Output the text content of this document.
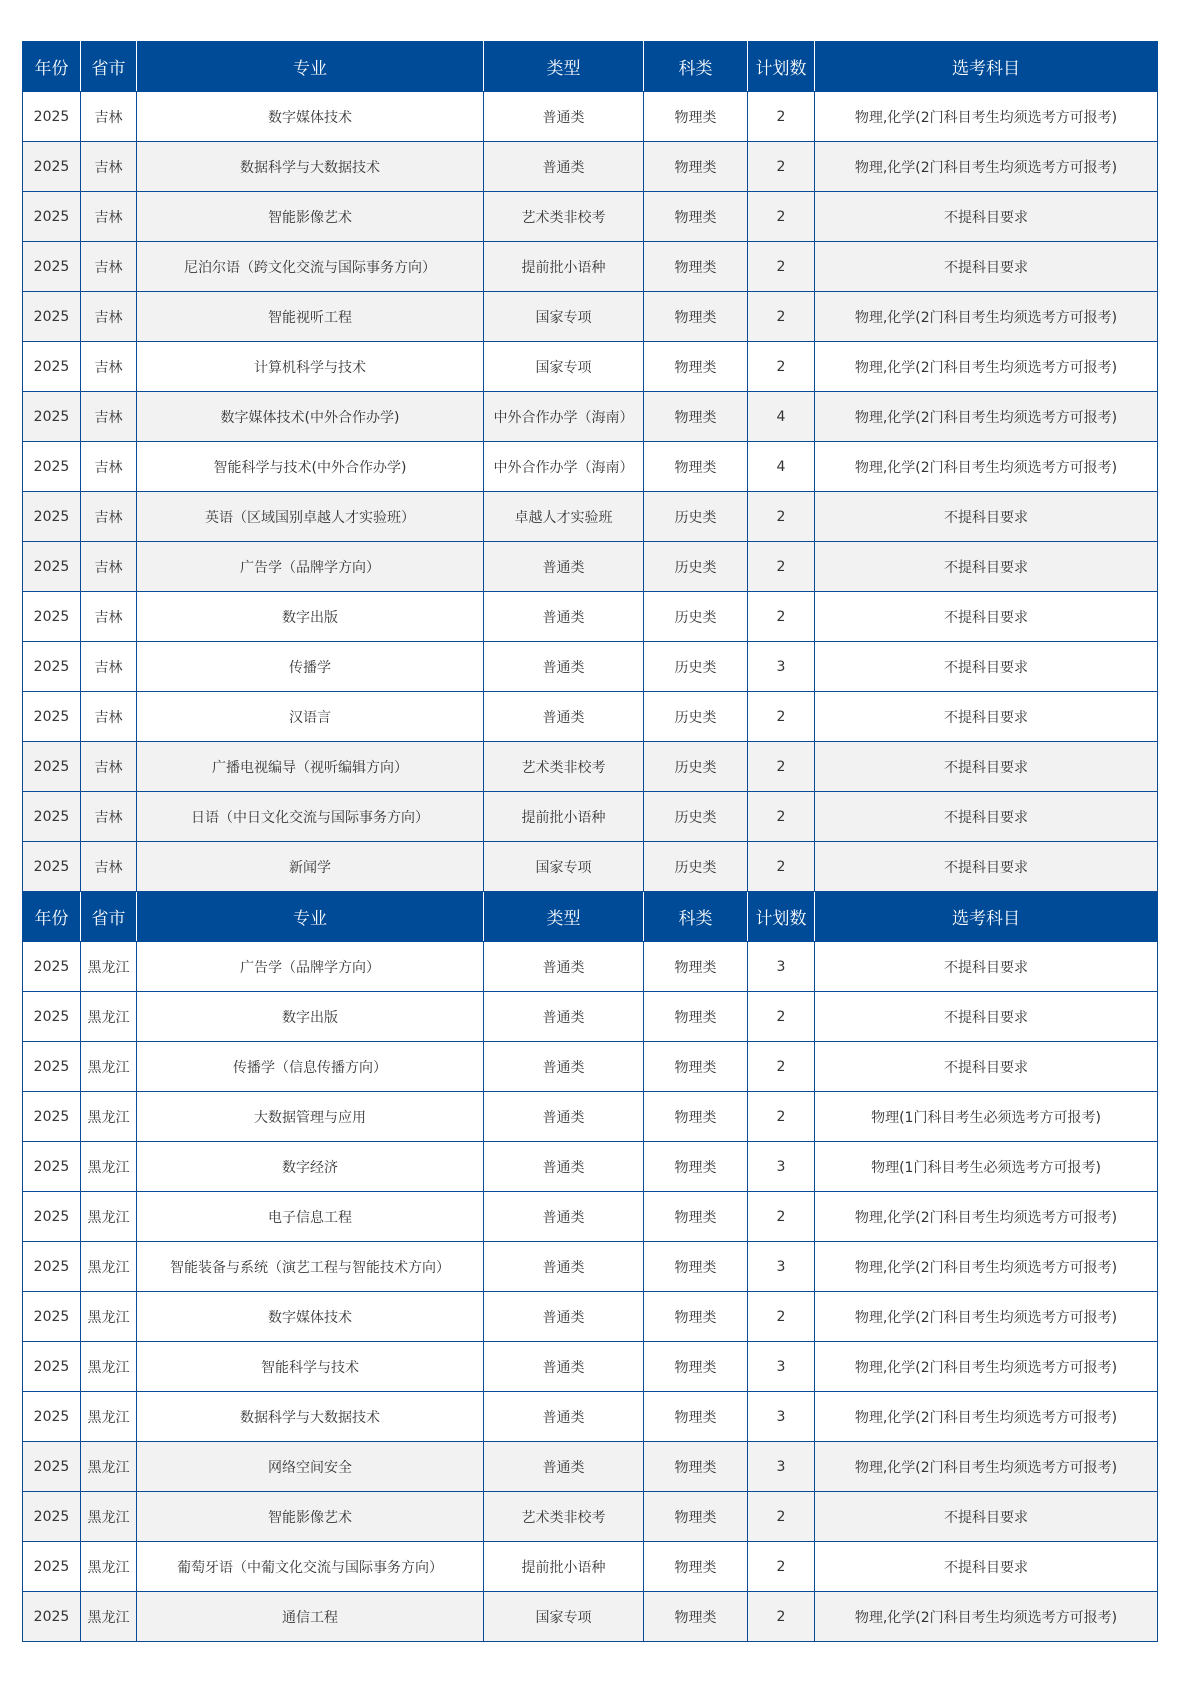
年份	省市	专业	类型	科类	计划数	选考科目
2025	吉林	数字媒体技术	普通类	物理类	2	物理,化学(2门科目考生均须选考方可报考)
2025	吉林	数据科学与大数据技术	普通类	物理类	2	物理,化学(2门科目考生均须选考方可报考)
2025	吉林	智能影像艺术	艺术类非校考	物理类	2	不提科目要求
2025	吉林	尼泊尔语（跨文化交流与国际事务方向）	提前批小语种	物理类	2	不提科目要求
2025	吉林	智能视听工程	国家专项	物理类	2	物理,化学(2门科目考生均须选考方可报考)
2025	吉林	计算机科学与技术	国家专项	物理类	2	物理,化学(2门科目考生均须选考方可报考)
2025	吉林	数字媒体技术(中外合作办学)	中外合作办学（海南）	物理类	4	物理,化学(2门科目考生均须选考方可报考)
2025	吉林	智能科学与技术(中外合作办学)	中外合作办学（海南）	物理类	4	物理,化学(2门科目考生均须选考方可报考)
2025	吉林	英语（区域国别卓越人才实验班）	卓越人才实验班	历史类	2	不提科目要求
2025	吉林	广告学（品牌学方向）	普通类	历史类	2	不提科目要求
2025	吉林	数字出版	普通类	历史类	2	不提科目要求
2025	吉林	传播学	普通类	历史类	3	不提科目要求
2025	吉林	汉语言	普通类	历史类	2	不提科目要求
2025	吉林	广播电视编导（视听编辑方向）	艺术类非校考	历史类	2	不提科目要求
2025	吉林	日语（中日文化交流与国际事务方向）	提前批小语种	历史类	2	不提科目要求
2025	吉林	新闻学	国家专项	历史类	2	不提科目要求
年份	省市	专业	类型	科类	计划数	选考科目
2025	黑龙江	广告学（品牌学方向）	普通类	物理类	3	不提科目要求
2025	黑龙江	数字出版	普通类	物理类	2	不提科目要求
2025	黑龙江	传播学（信息传播方向）	普通类	物理类	2	不提科目要求
2025	黑龙江	大数据管理与应用	普通类	物理类	2	物理(1门科目考生必须选考方可报考)
2025	黑龙江	数字经济	普通类	物理类	3	物理(1门科目考生必须选考方可报考)
2025	黑龙江	电子信息工程	普通类	物理类	2	物理,化学(2门科目考生均须选考方可报考)
2025	黑龙江	智能装备与系统（演艺工程与智能技术方向）	普通类	物理类	3	物理,化学(2门科目考生均须选考方可报考)
2025	黑龙江	数字媒体技术	普通类	物理类	2	物理,化学(2门科目考生均须选考方可报考)
2025	黑龙江	智能科学与技术	普通类	物理类	3	物理,化学(2门科目考生均须选考方可报考)
2025	黑龙江	数据科学与大数据技术	普通类	物理类	3	物理,化学(2门科目考生均须选考方可报考)
2025	黑龙江	网络空间安全	普通类	物理类	3	物理,化学(2门科目考生均须选考方可报考)
2025	黑龙江	智能影像艺术	艺术类非校考	物理类	2	不提科目要求
2025	黑龙江	葡萄牙语（中葡文化交流与国际事务方向）	提前批小语种	物理类	2	不提科目要求
2025	黑龙江	通信工程	国家专项	物理类	2	物理,化学(2门科目考生均须选考方可报考)
